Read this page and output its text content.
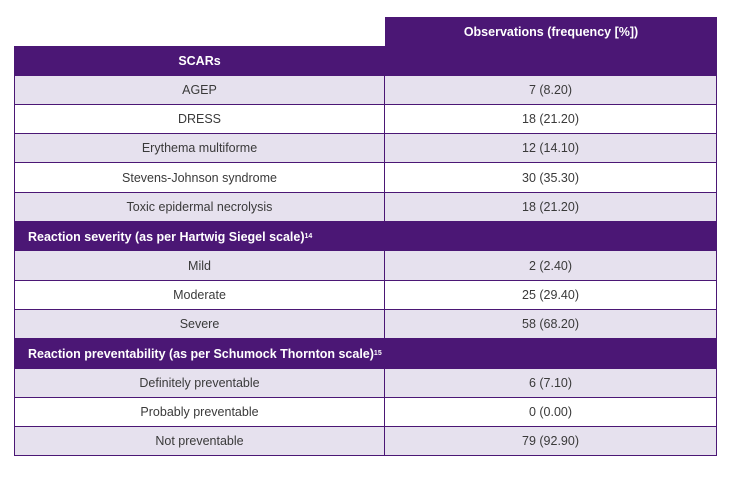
Observations (frequency [%])
SCARs
AGEP	7 (8.20)
DRESS	18 (21.20)
Erythema multiforme	12 (14.10)
Stevens-Johnson syndrome	30 (35.30)
Toxic epidermal necrolysis	18 (21.20)
Reaction severity (as per Hartwig Siegel scale) 14
Mild	2 (2.40)
Moderate	25 (29.40)
Severe	58 (68.20)
Reaction preventability (as per Schumock Thornton scale) 15
Definitely preventable	6 (7.10)
Probably preventable	0 (0.00)
Not preventable	79 (92.90)
